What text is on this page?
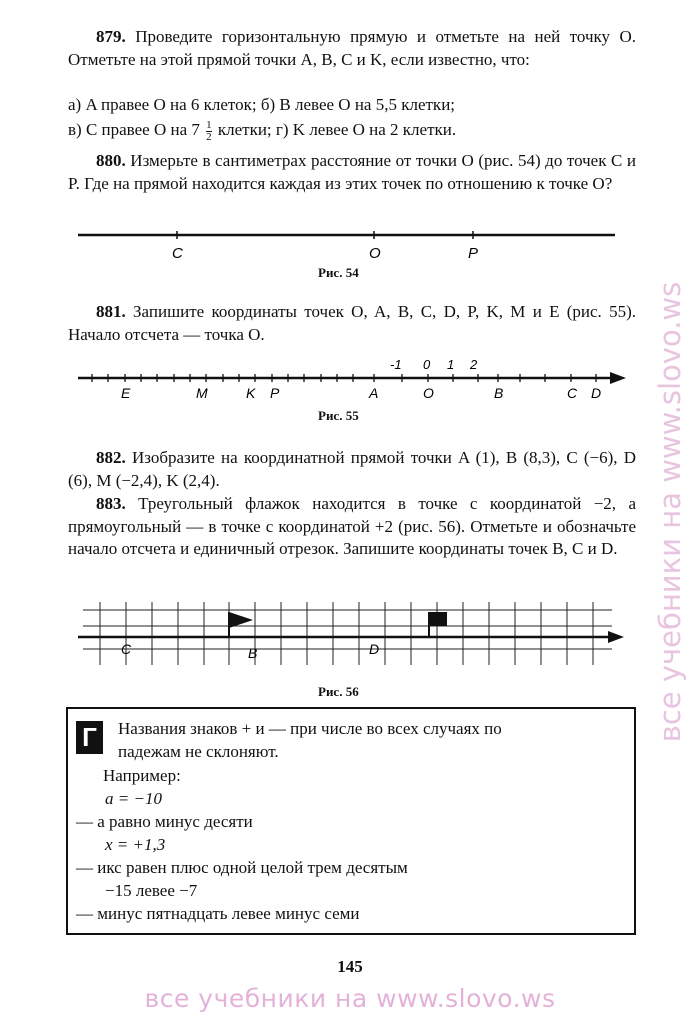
879. Проведите горизонтальную прямую и отметьте на ней точку O. Отметьте на этой прямой точки A, B, C и K, если известно, что:
а) A правее O на 6 клеток; б) B левее O на 5,5 клетки;
в) C правее O на $7 \frac{1}{2}$ клетки; г) K левее O на 2 клетки.
880. Измерьте в сантиметрах расстояние от точки O (рис. 54) до точек C и P. Где на прямой находится каждая из этих точек по отношению к точке O?
C	O	P
Рис. 54
881. Запишите координаты точек O, A, B, C, D, P, K, M и E (рис. 55). Начало отсчета — точка O.
-1 0 1 2
E	M	K P	A	O	B	C D
Рис. 55
882. Изобразите на координатной прямой точки A (1), B (8,3), C (−6), D (6), M (−2,4), K (2,4).
883. Треугольный флажок находится в точке с координатой −2, а прямоугольный — в точке с координатой +2 (рис. 56). Отметьте и обозначьте начало отсчета и единичный отрезок. Запишите координаты точек B, C и D.
C	B	D
Рис. 56
Г	Названия знаков + и — при числе во всех случаях по
падежам не склоняют.
Например:
a = −10
— a равно минус десяти
x = +1,3
— икс равен плюс одной целой трем десятым
−15 левее −7
— минус пятнадцать левее минус семи
145
все учебники на www.slovo.ws
все учебники на www.slovo.ws
